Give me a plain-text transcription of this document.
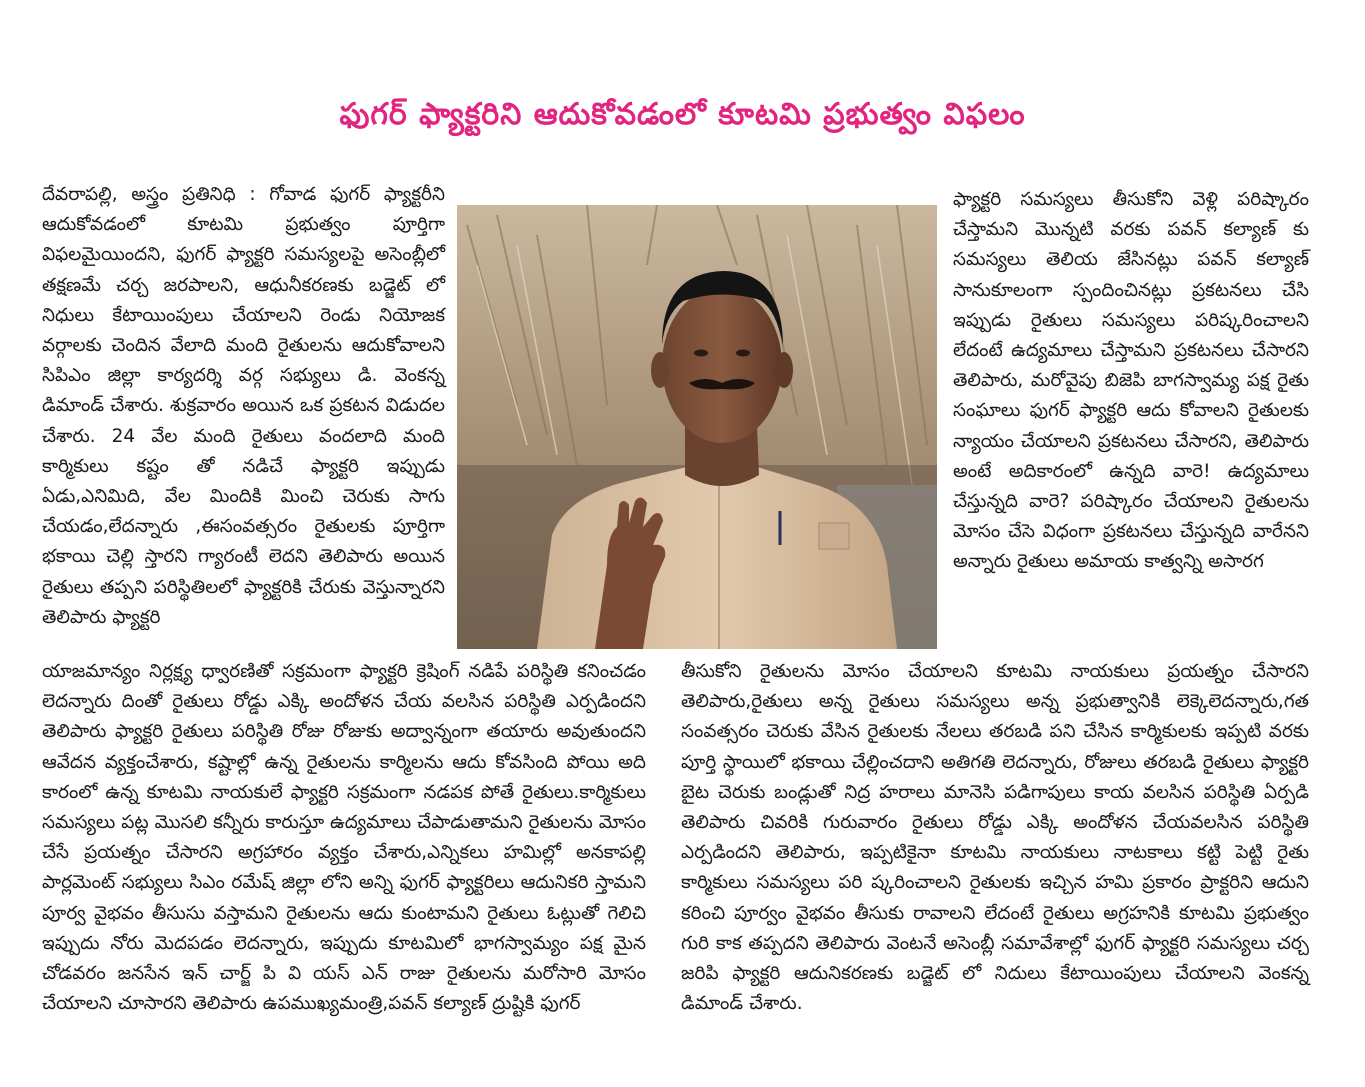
ఫుగర్ ఫ్యాక్టరిని ఆదుకోవడంలో కూటమి ప్రభుత్వం విఫలం

దేవరాపల్లి, అస్త్రం ప్రతినిధి : గోవాడ ఫుగర్ ఫ్యాక్టరీని ఆదుకోవడంలో కూటమి ప్రభుత్వం పూర్తిగా విఫలమైయిందని, ఫుగర్ ఫ్యాక్టరి సమస్యలపై అసెంబ్లీలో తక్షణమే చర్చ జరపాలని, ఆధునీకరణకు బడ్జెట్ లో నిధులు కేటాయింపులు చేయాలని రెండు నియోజక వర్గాలకు చెందిన వేలాది మంది రైతులను ఆదుకోవాలని సిపిఎం జిల్లా కార్యదర్శి వర్గ సభ్యులు డి. వెంకన్న డిమాండ్ చేశారు. శుక్రవారం అయిన ఒక ప్రకటన విడుదల చేశారు. 24 వేల మంది రైతులు వందలాది మంది కార్మికులు కష్టం తో నడిచే ఫ్యాక్టరి ఇప్పుడు ఏడు,ఎనిమిది, వేల మిందికి మించి చెరుకు సాగు చేయడం,లేదన్నారు ,ఈసంవత్సరం రైతులకు పూర్తిగా భకాయి చెల్లి స్తారని గ్యారంటీ లెదని తెలిపారు అయిన రైతులు తప్పని పరిస్థితిలలో ఫ్యాక్టరికి చేరుకు వెస్తున్నారని తెలిపారు ఫ్యాక్టరి

ఫ్యాక్టరి సమస్యలు తీసుకోని వెళ్లి పరిష్కారం చేస్తామని మొన్నటి వరకు పవన్ కల్యాణ్ కు సమస్యలు తెలియ జేసినట్లు పవన్ కల్యాణ్ సానుకూలంగా స్పందించినట్లు ప్రకటనలు చేసి ఇప్పుడు రైతులు సమస్యలు పరిష్కరించాలని లేదంటే ఉద్యమాలు చేస్తామని ప్రకటనలు చేసారని తెలిపారు, మరోవైపు బిజెపి బాగస్వామ్య పక్ష రైతు సంఘాలు ఫుగర్ ఫ్యాక్టరి ఆదు కోవాలని రైతులకు న్యాయం చేయాలని ప్రకటనలు చేసారని, తెలిపారు అంటే అదికారంలో ఉన్నది వారె! ఉద్యమాలు చేస్తున్నది వారె? పరిష్కారం చేయాలని రైతులను మోసం చేసె విధంగా ప్రకటనలు చేస్తున్నది వారేనని అన్నారు రైతులు అమాయ కాత్వన్ని అసారగ

యాజమాన్యం నిర్లక్ష్య ధ్వారణితో సక్రమంగా ఫ్యాక్టరి క్రెషింగ్ నడిపే పరిస్థితి కనించడం లెదన్నారు దింతో రైతులు రోడ్డు ఎక్కి అందోళన చేయ వలసిన పరిస్థితి ఎర్పడిందని తెలిపారు ఫ్యాక్టరి రైతులు పరిస్థితి రోజు రోజుకు అద్వాన్నంగా తయారు అవుతుందని ఆవేదన వ్యక్తంచేశారు, కష్టాల్లో ఉన్న రైతులను కార్మిలను ఆదు కోవసింది పోయి అది కారంలో ఉన్న కూటమి నాయకులే ఫ్యాక్టరి సక్రమంగా నడపక పోతే రైతులు.కార్మికులు సమస్యలు పట్ల మొసలి కన్నీరు కారుస్తూ ఉద్యమాలు చేపాడుతామని రైతులను మోసం చేసే ప్రయత్నం చేసారని అగ్రహారం వ్యక్తం చేశారు,ఎన్నికలు హమిల్లో అనకాపల్లి పార్లమెంట్ సభ్యులు సిఎం రమేష్ జిల్లా లోని అన్ని ఫుగర్ ఫ్యాక్టరిలు ఆదునికరి స్తామని పూర్వ వైభవం తీసుసు వస్తామని రైతులను ఆదు కుంటామని రైతులు ఓట్లుతో గెలిచి ఇప్పుదు నోరు మెదపడం లెదన్నారు, ఇప్పుదు కూటమిలో భాగస్వామ్యం పక్ష మైన చోడవరం జనసేన ఇన్ చార్జ్ పి వి యస్ ఎన్ రాజు రైతులను మరోసారి మోసం చేయాలని చూసారని తెలిపారు ఉపముఖ్యమంత్రి,పవన్ కల్యాణ్ ద్రుష్టికి ఫుగర్

తీసుకోని రైతులను మోసం చేయాలని కూటమి నాయకులు ప్రయత్నం చేసారని తెలిపారు,రైతులు అన్న రైతులు సమస్యలు అన్న ప్రభుత్వానికి లెక్కెలెదన్నారు,గత సంవత్సరం చెరుకు వేసిన రైతులకు నేలలు తరబడి పని చేసిన కార్మికులకు ఇప్పటి వరకు పూర్తి స్థాయిలో భకాయి చేల్లించదాని అతిగతి లెదన్నారు, రోజులు తరబడి రైతులు ఫ్యాక్టరి బైట చెరుకు బండ్లుతో నిద్ర హరాలు మానెసి పడిగాపులు కాయ వలసిన పరిస్థితి ఏర్పడి తెలిపారు చివరికి గురువారం రైతులు రోడ్డు ఎక్కి అందోళన చేయవలసిన పరిస్థితి ఎర్పడిందని తెలిపారు, ఇప్పటికైనా కూటమి నాయకులు నాటకాలు కట్టి పెట్టి రైతు కార్మికులు సమస్యలు పరి ష్కరించాలని రైతులకు ఇచ్చిన హమి ప్రకారం ప్రాక్టరిని ఆదుని కరించి పూర్వం వైభవం తీసుకు రావాలని లేదంటే రైతులు అగ్రహనికి కూటమి ప్రభుత్వం గురి కాక తప్పదని తెలిపారు వెంటనే అసెంబ్లీ సమావేశాల్లో ఫుగర్ ఫ్యాక్టరి సమస్యలు చర్చ జరిపి ఫ్యాక్టరి ఆదునికరణకు బడ్జెట్ లో నిదులు కేటాయింపులు చేయాలని వెంకన్న డిమాండ్ చేశారు.
